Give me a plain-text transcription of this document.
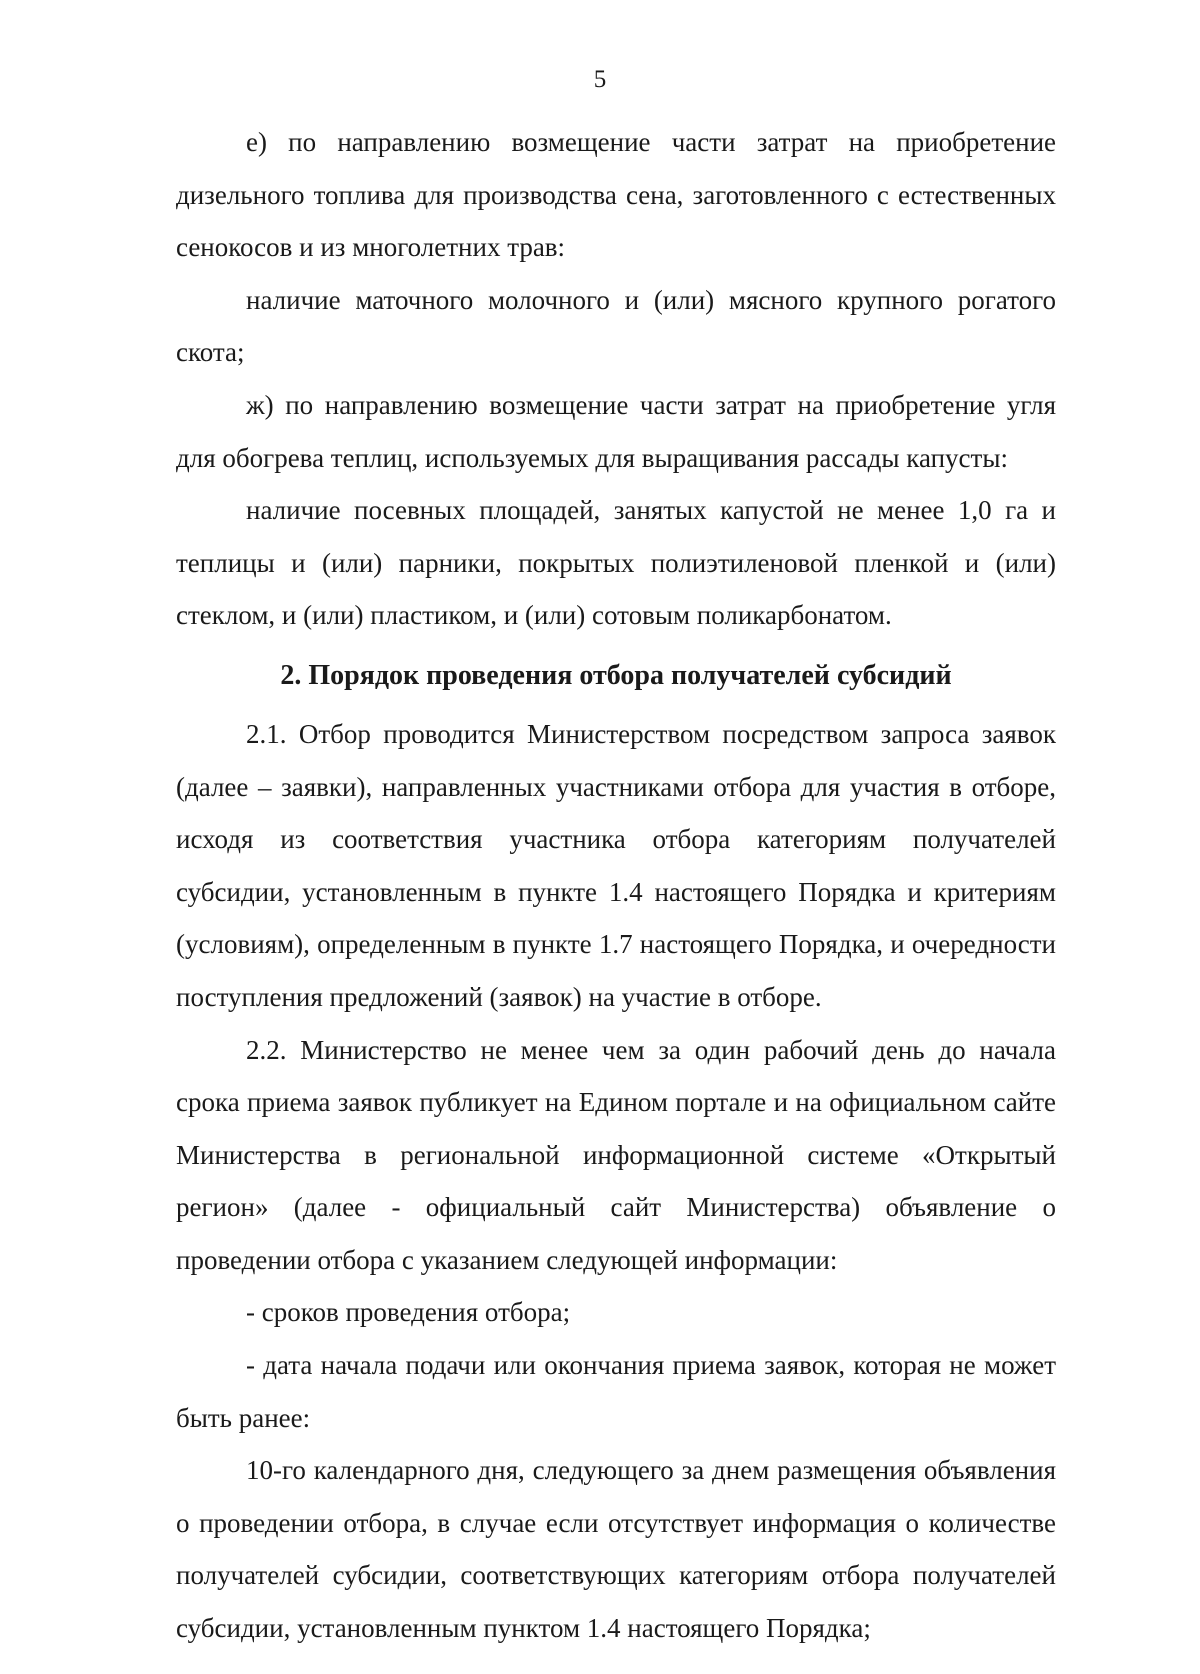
5

е) по направлению возмещение части затрат на приобретение дизельного топлива для производства сена, заготовленного с естественных сенокосов и из многолетних трав:

наличие маточного молочного и (или) мясного крупного рогатого скота;

ж) по направлению возмещение части затрат на приобретение угля для обогрева теплиц, используемых для выращивания рассады капусты:

наличие посевных площадей, занятых капустой не менее 1,0 га и теплицы и (или) парники, покрытых полиэтиленовой пленкой и (или) стеклом, и (или) пластиком, и (или) сотовым поликарбонатом.

2. Порядок проведения отбора получателей субсидий

2.1. Отбор проводится Министерством посредством запроса заявок (далее – заявки), направленных участниками отбора для участия в отборе, исходя из соответствия участника отбора категориям получателей субсидии, установленным в пункте 1.4 настоящего Порядка и критериям (условиям), определенным в пункте 1.7 настоящего Порядка, и очередности поступления предложений (заявок) на участие в отборе.

2.2. Министерство не менее чем за один рабочий день до начала срока приема заявок публикует на Едином портале и на официальном сайте Министерства в региональной информационной системе «Открытый регион» (далее - официальный сайт Министерства) объявление о проведении отбора с указанием следующей информации:

- сроков проведения отбора;

- дата начала подачи или окончания приема заявок, которая не может быть ранее:

10-го календарного дня, следующего за днем размещения объявления о проведении отбора, в случае если отсутствует информация о количестве получателей субсидии, соответствующих категориям отбора получателей субсидии, установленным пунктом 1.4 настоящего Порядка;
